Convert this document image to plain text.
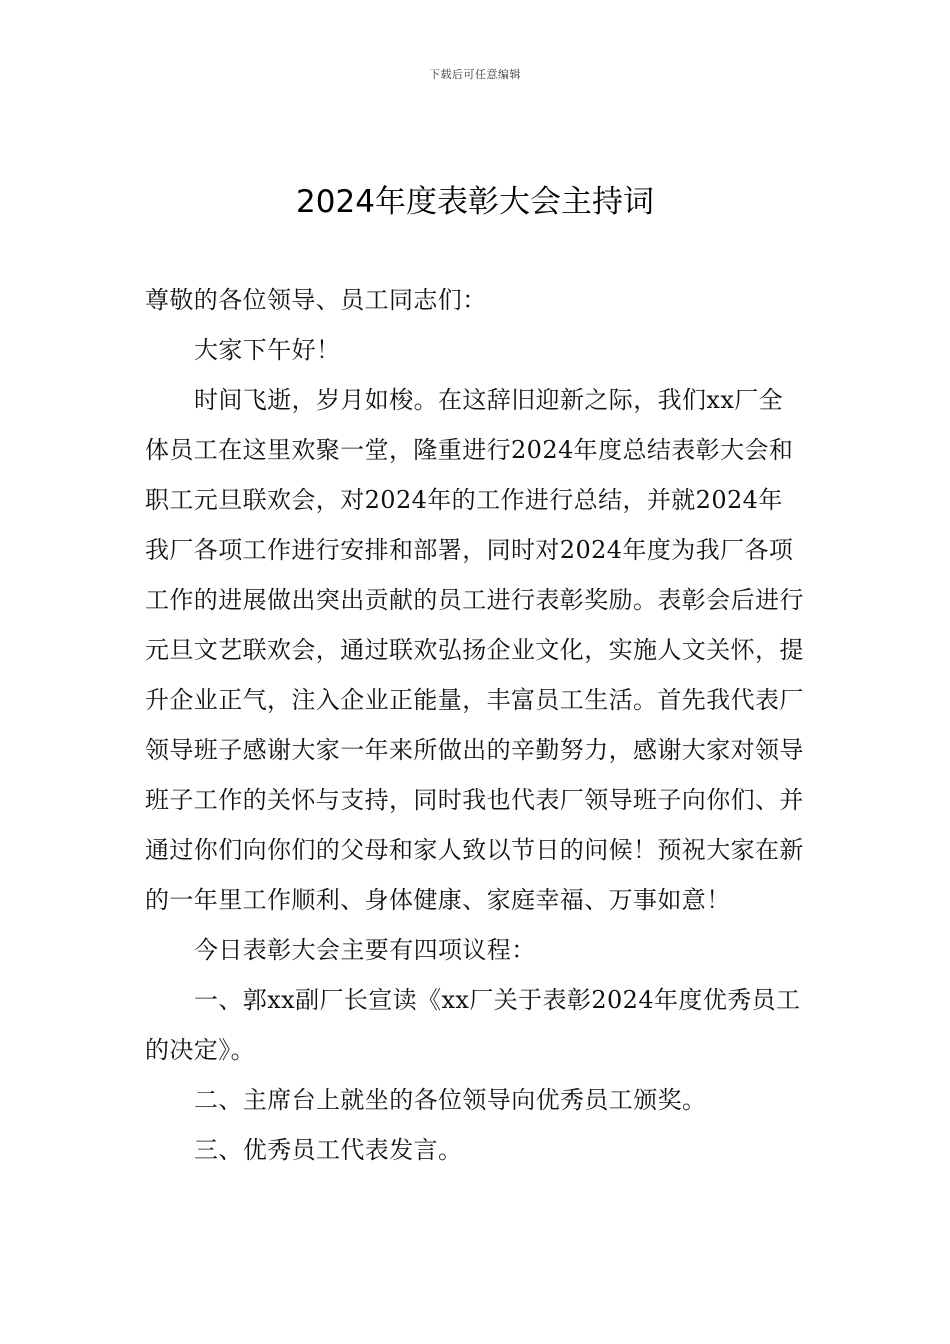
下载后可任意编辑
2024年度表彰大会主持词

尊敬的各位领导、员工同志们：

大家下午好！

时间飞逝，岁月如梭。在这辞旧迎新之际，我们xx厂全体员工在这里欢聚一堂，隆重进行2024年度总结表彰大会和职工元旦联欢会，对2024年的工作进行总结，并就2024年我厂各项工作进行安排和部署，同时对2024年度为我厂各项工作的进展做出突出贡献的员工进行表彰奖励。表彰会后进行元旦文艺联欢会，通过联欢弘扬企业文化，实施人文关怀，提升企业正气，注入企业正能量，丰富员工生活。首先我代表厂领导班子感谢大家一年来所做出的辛勤努力，感谢大家对领导班子工作的关怀与支持，同时我也代表厂领导班子向你们、并通过你们向你们的父母和家人致以节日的问候！预祝大家在新的一年里工作顺利、身体健康、家庭幸福、万事如意！

今日表彰大会主要有四项议程：

一、郭xx副厂长宣读《xx厂关于表彰2024年度优秀员工的决定》。

二、主席台上就坐的各位领导向优秀员工颁奖。

三、优秀员工代表发言。
